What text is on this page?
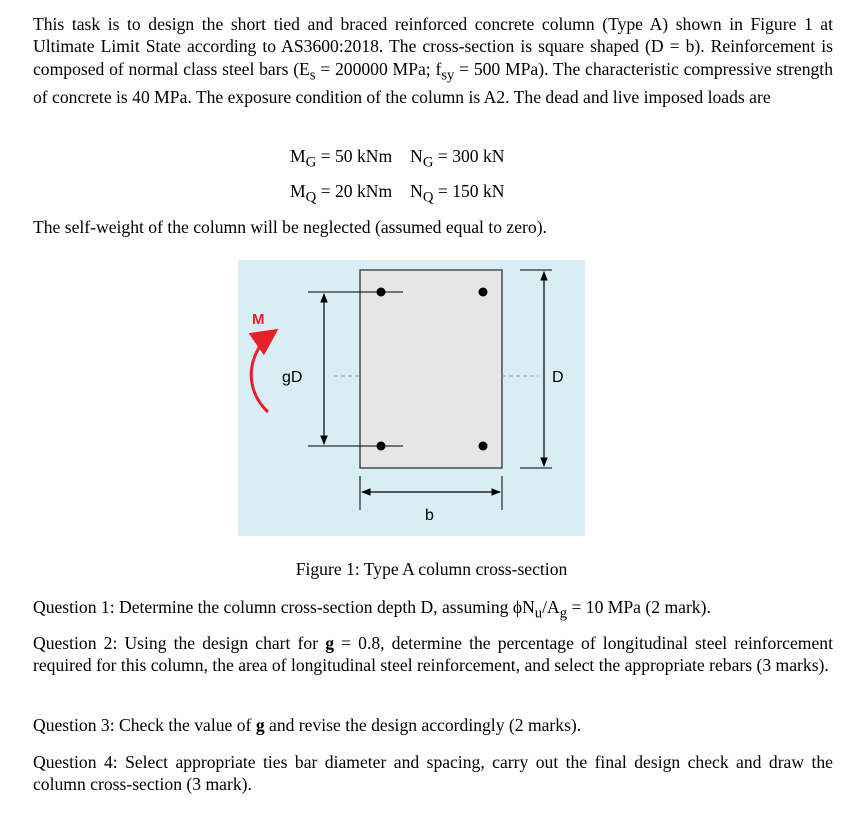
This task is to design the short tied and braced reinforced concrete column (Type A) shown in Figure 1 at Ultimate Limit State according to AS3600:2018. The cross-section is square shaped (D = b). Reinforcement is composed of normal class steel bars ($E_s = 200000$ MPa; $f_{sy} = 500$ MPa). The characteristic compressive strength of concrete is 40 MPa. The exposure condition of the column is A2. The dead and live imposed loads are
$M_G = 50$ kNm $N_G = 300$ kN
$M_Q = 20$ kNm $N_Q = 150$ kN
The self-weight of the column will be neglected (assumed equal to zero).
M
gD	D
b
Figure 1: Type A column cross-section
Question 1: Determine the column cross-section depth D, assuming $\phi N_u/A_g = 10$ MPa (2 mark).
Question 2: Using the design chart for g = 0.8, determine the percentage of longitudinal steel reinforcement required for this column, the area of longitudinal steel reinforcement, and select the appropriate rebars (3 marks).
Question 3: Check the value of g and revise the design accordingly (2 marks).
Question 4: Select appropriate ties bar diameter and spacing, carry out the final design check and draw the column cross-section (3 mark).
